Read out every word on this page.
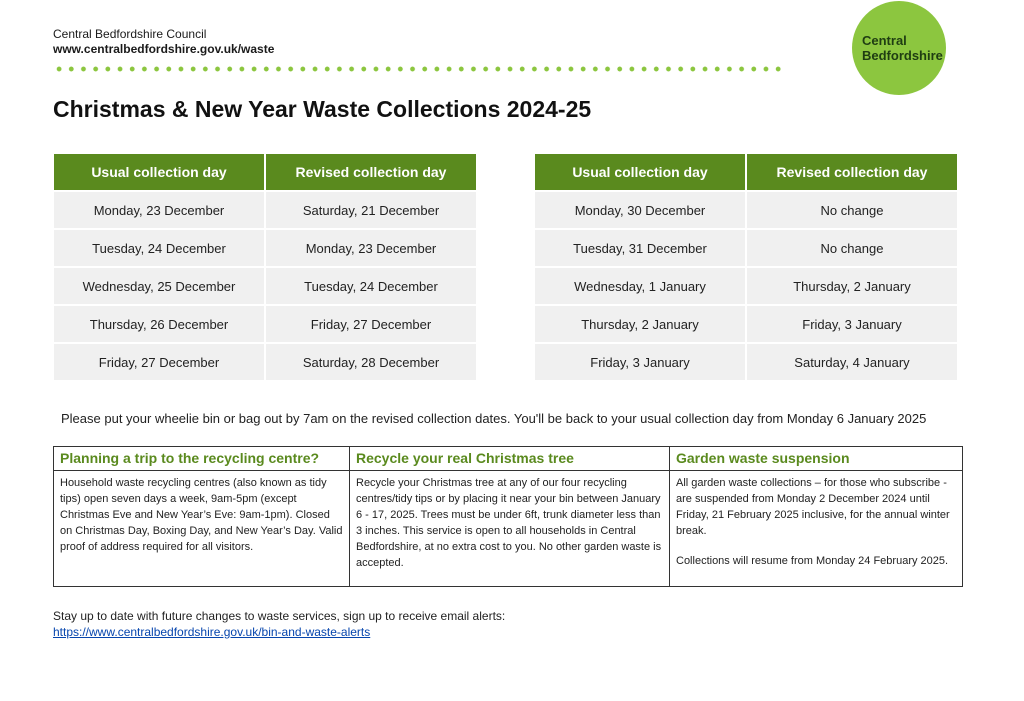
Central Bedfordshire Council
www.centralbedfordshire.gov.uk/waste
Central
Bedfordshire
Christmas & New Year Waste Collections 2024-25
Usual collection day	Revised collection day
Monday, 23 December	Saturday, 21 December
Tuesday, 24 December	Monday, 23 December
Wednesday, 25 December	Tuesday, 24 December
Thursday, 26 December	Friday, 27 December
Friday, 27 December	Saturday, 28 December
Usual collection day	Revised collection day
Monday, 30 December	No change
Tuesday, 31 December	No change
Wednesday, 1 January	Thursday, 2 January
Thursday, 2 January	Friday, 3 January
Friday, 3 January	Saturday, 4 January
Please put your wheelie bin or bag out by 7am on the revised collection dates. You'll be back to your usual collection day from Monday 6 January 2025
Planning a trip to the recycling centre?

Household waste recycling centres (also known as tidy tips) open seven days a week, 9am-5pm (except Christmas Eve and New Year’s Eve: 9am-1pm). Closed on Christmas Day, Boxing Day, and New Year’s Day. Valid proof of address required for all visitors.

Recycle your real Christmas tree

Recycle your Christmas tree at any of our four recycling centres/tidy tips or by placing it near your bin between January 6 - 17, 2025. Trees must be under 6ft, trunk diameter less than 3 inches. This service is open to all households in Central Bedfordshire, at no extra cost to you. No other garden waste is accepted.

Garden waste suspension

All garden waste collections – for those who subscribe - are suspended from Monday 2 December 2024 until Friday, 21 February 2025 inclusive, for the annual winter break.

Collections will resume from Monday 24 February 2025.

Stay up to date with future changes to waste services, sign up to receive email alerts:
https://www.centralbedfordshire.gov.uk/bin-and-waste-alerts
